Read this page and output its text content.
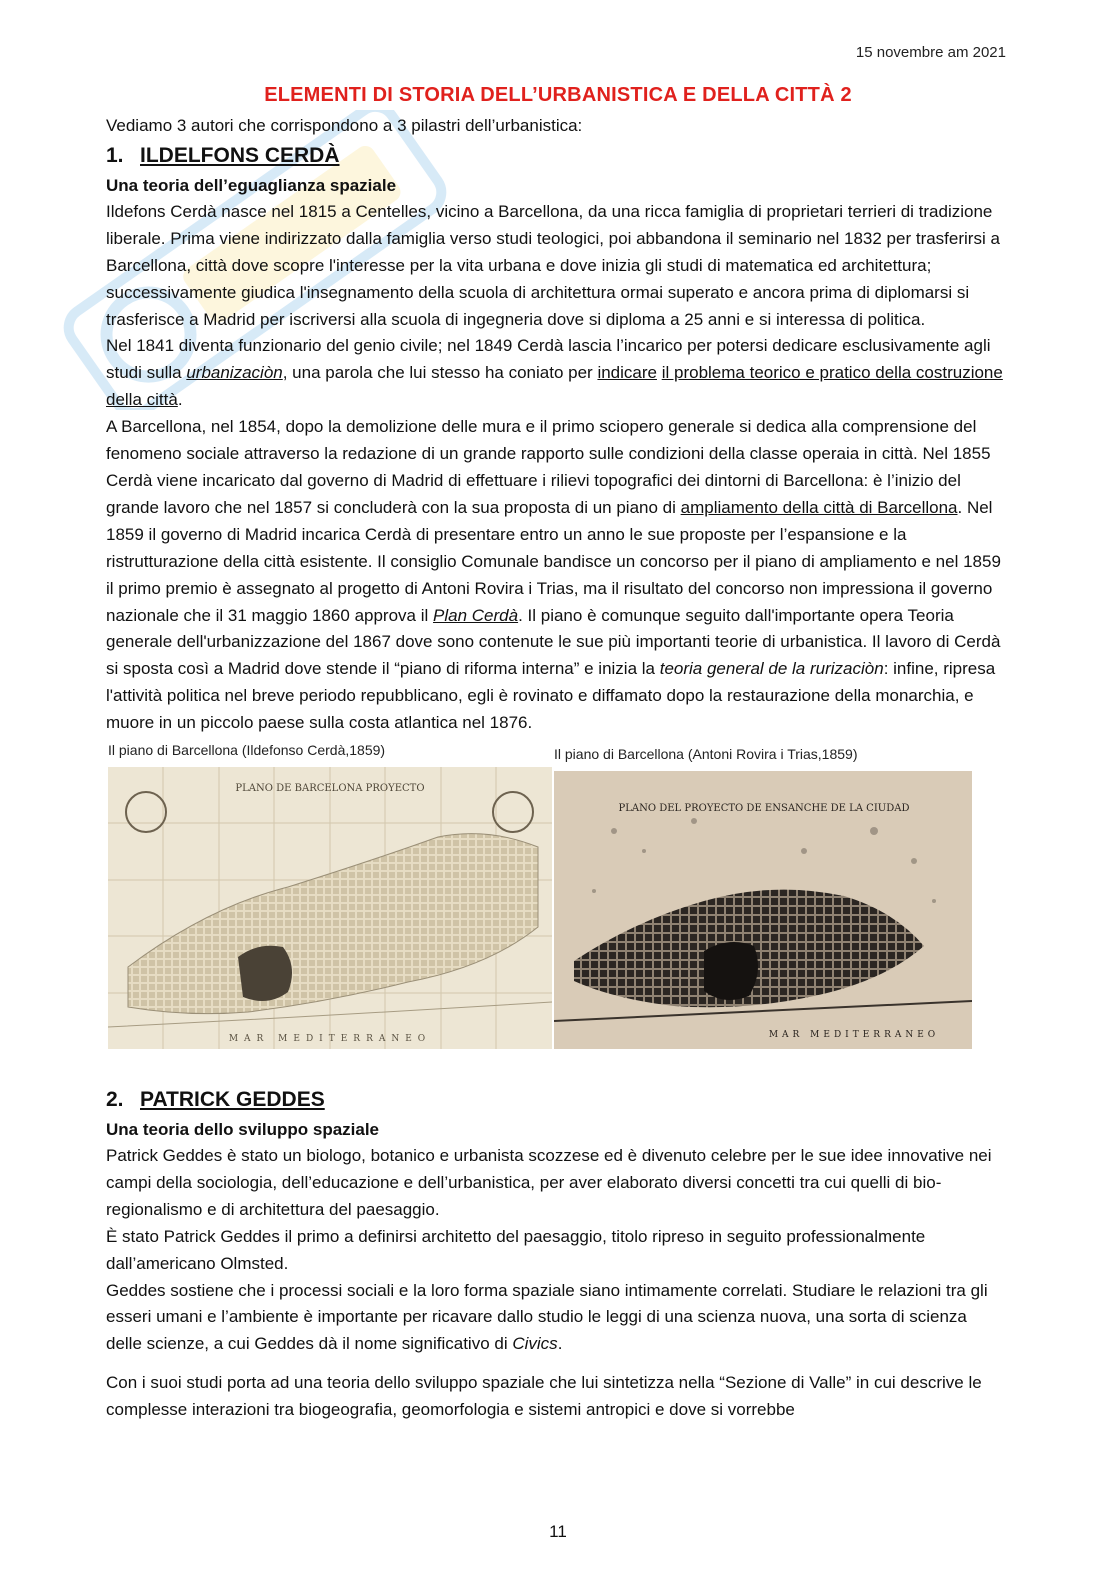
15 novembre am 2021
ELEMENTI DI STORIA DELL’URBANISTICA E DELLA CITTÀ 2

Vediamo 3 autori che corrispondono a 3 pilastri dell’urbanistica:

1. ILDELFONS CERDÀ
Una teoria dell’eguaglianza spaziale

Ildefons Cerdà nasce nel 1815 a Centelles, vicino a Barcellona, da una ricca famiglia di proprietari terrieri di tradizione liberale. Prima viene indirizzato dalla famiglia verso studi teologici, poi abbandona il seminario nel 1832 per trasferirsi a Barcellona, città dove scopre l'interesse per la vita urbana e dove inizia gli studi di matematica ed architettura; successivamente giudica l'insegnamento della scuola di architettura ormai superato e ancora prima di diplomarsi si trasferisce a Madrid per iscriversi alla scuola di ingegneria dove si diploma a 25 anni e si interessa di politica.

Nel 1841 diventa funzionario del genio civile; nel 1849 Cerdà lascia l’incarico per potersi dedicare esclusivamente agli studi sulla urbanizaciòn, una parola che lui stesso ha coniato per indicare il problema teorico e pratico della costruzione della città.

A Barcellona, nel 1854, dopo la demolizione delle mura e il primo sciopero generale si dedica alla comprensione del fenomeno sociale attraverso la redazione di un grande rapporto sulle condizioni della classe operaia in città. Nel 1855 Cerdà viene incaricato dal governo di Madrid di effettuare i rilievi topografici dei dintorni di Barcellona: è l’inizio del grande lavoro che nel 1857 si concluderà con la sua proposta di un piano di ampliamento della città di Barcellona. Nel 1859 il governo di Madrid incarica Cerdà di presentare entro un anno le sue proposte per l’espansione e la ristrutturazione della città esistente. Il consiglio Comunale bandisce un concorso per il piano di ampliamento e nel 1859 il primo premio è assegnato al progetto di Antoni Rovira i Trias, ma il risultato del concorso non impressiona il governo nazionale che il 31 maggio 1860 approva il Plan Cerdà. Il piano è comunque seguito dall'importante opera Teoria generale dell'urbanizzazione del 1867 dove sono contenute le sue più importanti teorie di urbanistica. Il lavoro di Cerdà si sposta così a Madrid dove stende il “piano di riforma interna” e inizia la teoria general de la rurizaciòn: infine, ripresa l'attività politica nel breve periodo repubblicano, egli è rovinato e diffamato dopo la restaurazione della monarchia, e muore in un piccolo paese sulla costa atlantica nel 1876.

Il piano di Barcellona (Ildefonso Cerdà,1859)
PLANO DE BARCELONA PROYECTO
MAR MEDITERRANEO
Il piano di Barcellona (Antoni Rovira i Trias,1859)
PLANO DEL PROYECTO DE ENSANCHE DE LA CIUDAD
MAR MEDITERRANEO
2. PATRICK GEDDES
Una teoria dello sviluppo spaziale

Patrick Geddes è stato un biologo, botanico e urbanista scozzese ed è divenuto celebre per le sue idee innovative nei campi della sociologia, dell’educazione e dell’urbanistica, per aver elaborato diversi concetti tra cui quelli di bio-regionalismo e di architettura del paesaggio.

È stato Patrick Geddes il primo a definirsi architetto del paesaggio, titolo ripreso in seguito professionalmente dall’americano Olmsted.

Geddes sostiene che i processi sociali e la loro forma spaziale siano intimamente correlati. Studiare le relazioni tra gli esseri umani e l’ambiente è importante per ricavare dallo studio le leggi di una scienza nuova, una sorta di scienza delle scienze, a cui Geddes dà il nome significativo di Civics.

Con i suoi studi porta ad una teoria dello sviluppo spaziale che lui sintetizza nella “Sezione di Valle” in cui descrive le complesse interazioni tra biogeografia, geomorfologia e sistemi antropici e dove si vorrebbe

11
